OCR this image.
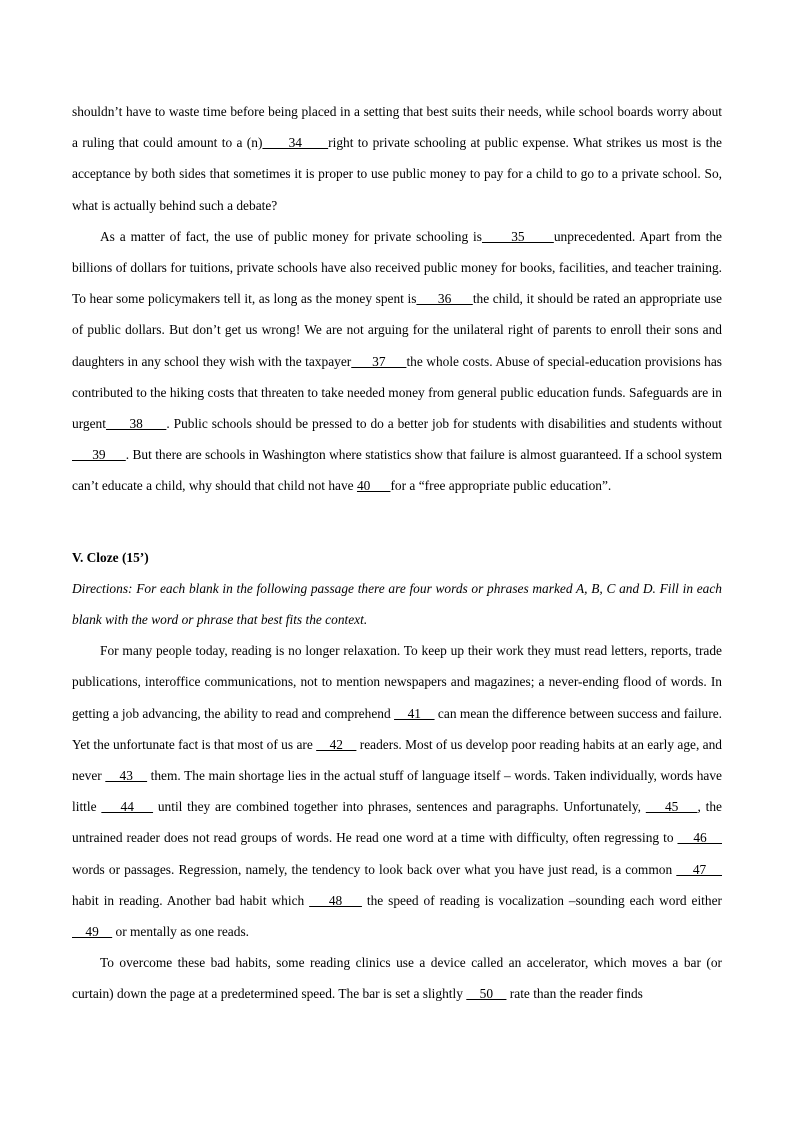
shouldn’t have to waste time before being placed in a setting that best suits their needs, while school boards worry about a ruling that could amount to a (n)      34      right to private schooling at public expense. What strikes us most is the acceptance by both sides that sometimes it is proper to use public money to pay for a child to go to a private school. So, what is actually behind such a debate?

As a matter of fact, the use of public money for private schooling is      35      unprecedented. Apart from the billions of dollars for tuitions, private schools have also received public money for books, facilities, and teacher training. To hear some policymakers tell it, as long as the money spent is      36      the child, it should be rated an appropriate use of public dollars. But don’t get us wrong! We are not arguing for the unilateral right of parents to enroll their sons and daughters in any school they wish with the taxpayer      37      the whole costs. Abuse of special-education provisions has contributed to the hiking costs that threaten to take needed money from general public education funds. Safeguards are in urgent      38      . Public schools should be pressed to do a better job for students with disabilities and students without      39      . But there are schools in Washington where statistics show that failure is almost guaranteed. If a school system can’t educate a child, why should that child not have 40      for a “free appropriate public education”.

V. Cloze (15’)

Directions: For each blank in the following passage there are four words or phrases marked A, B, C and D. Fill in each blank with the word or phrase that best fits the context.

For many people today, reading is no longer relaxation. To keep up their work they must read letters, reports, trade publications, interoffice communications, not to mention newspapers and magazines; a never-ending flood of words. In getting a job advancing, the ability to read and comprehend     41     can mean the difference between success and failure. Yet the unfortunate fact is that most of us are     42     readers. Most of us develop poor reading habits at an early age, and never     43     them. The main shortage lies in the actual stuff of language itself – words. Taken individually, words have little     44     until they are combined together into phrases, sentences and paragraphs. Unfortunately,     45    , the untrained reader does not read groups of words. He read one word at a time with difficulty, often regressing to     46     words or passages. Regression, namely, the tendency to look back over what you have just read, is a common     47     habit in reading. Another bad habit which     48     the speed of reading is vocalization –sounding each word either     49     or mentally as one reads.

To overcome these bad habits, some reading clinics use a device called an accelerator, which moves a bar (or curtain) down the page at a predetermined speed. The bar is set a slightly     50     rate than the reader finds
